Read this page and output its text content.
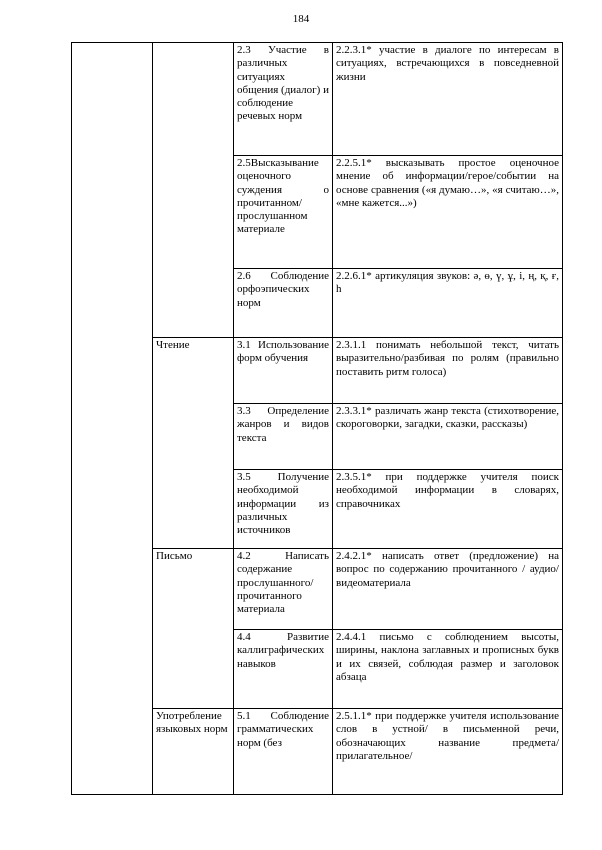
184
		2.3 Участие в различных ситуациях общения (диалог) и соблюдение речевых норм	2.2.3.1* участие в диалоге по интересам в ситуациях, встречающихся в повседневной жизни
		2.5Высказывание оценочного суждения о прочитанном/ прослушанном материале	2.2.5.1* высказывать простое оценочное мнение об информации/герое/событии на основе сравнения («я думаю…», «я считаю…», «мне кажется...»)
		2.6 Соблюдение орфоэпических норм	2.2.6.1* артикуляция звуков: ә, ө, ү, ұ, і, ң, қ, ғ, һ
	Чтение	3.1 Использование форм обучения	2.3.1.1 понимать небольшой текст, читать выразительно/разбивая по ролям (правильно поставить ритм голоса)
		3.3 Определение жанров и видов текста	2.3.3.1* различать жанр текста (стихотворение, скороговорки, загадки, сказки, рассказы)
		3.5 Получение необходимой информации из различных источников	2.3.5.1* при поддержке учителя поиск необходимой информации в словарях, справочниках
	Письмо	4.2 Написать содержание прослушанного/прочитанного материала	2.4.2.1* написать ответ (предложение) на вопрос по содержанию прочитанного / аудио/видеоматериала
		4.4 Развитие каллиграфических навыков	2.4.4.1 письмо с соблюдением высоты, ширины, наклона заглавных и прописных букв и их связей, соблюдая размер и заголовок абзаца
	Употребление языковых норм	5.1 Соблюдение грамматических норм (без	2.5.1.1* при поддержке учителя использование слов в устной/ в письменной речи, обозначающих название предмета/ прилагательное/
